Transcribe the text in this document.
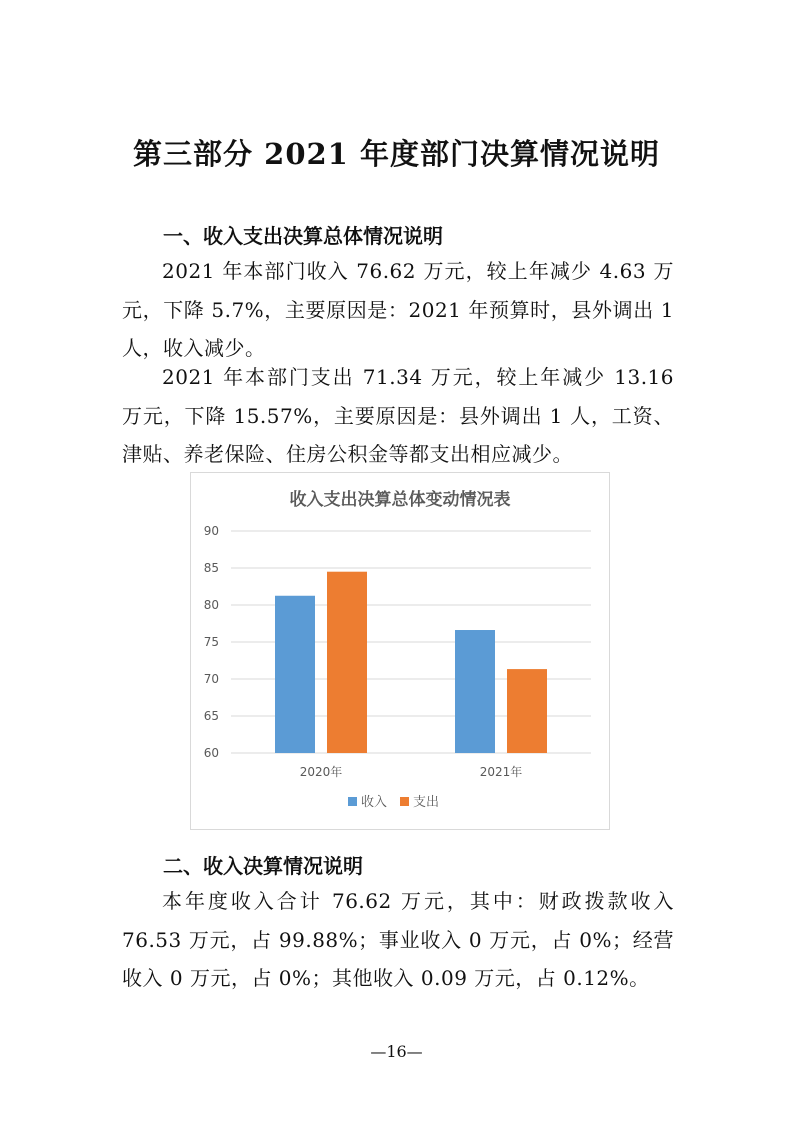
第三部分 2021 年度部门决算情况说明
一、收入支出决算总体情况说明

2021 年本部门收入 76.62 万元，较上年减少 4.63 万元，下降 5.7%，主要原因是：2021 年预算时，县外调出 1 人，收入减少。

2021 年本部门支出 71.34 万元，较上年减少 13.16 万元，下降 15.57%，主要原因是：县外调出 1 人，工资、津贴、养老保险、住房公积金等都支出相应减少。

收入支出决算总体变动情况表
60
65
70
75
80
85
90
2020年	2021年
收入 支出
二、收入决算情况说明

本年度收入合计 76.62 万元，其中：财政拨款收入 76.53 万元，占 99.88%；事业收入 0 万元，占 0%；经营收入 0 万元，占 0%；其他收入 0.09 万元，占 0.12%。

—16—
